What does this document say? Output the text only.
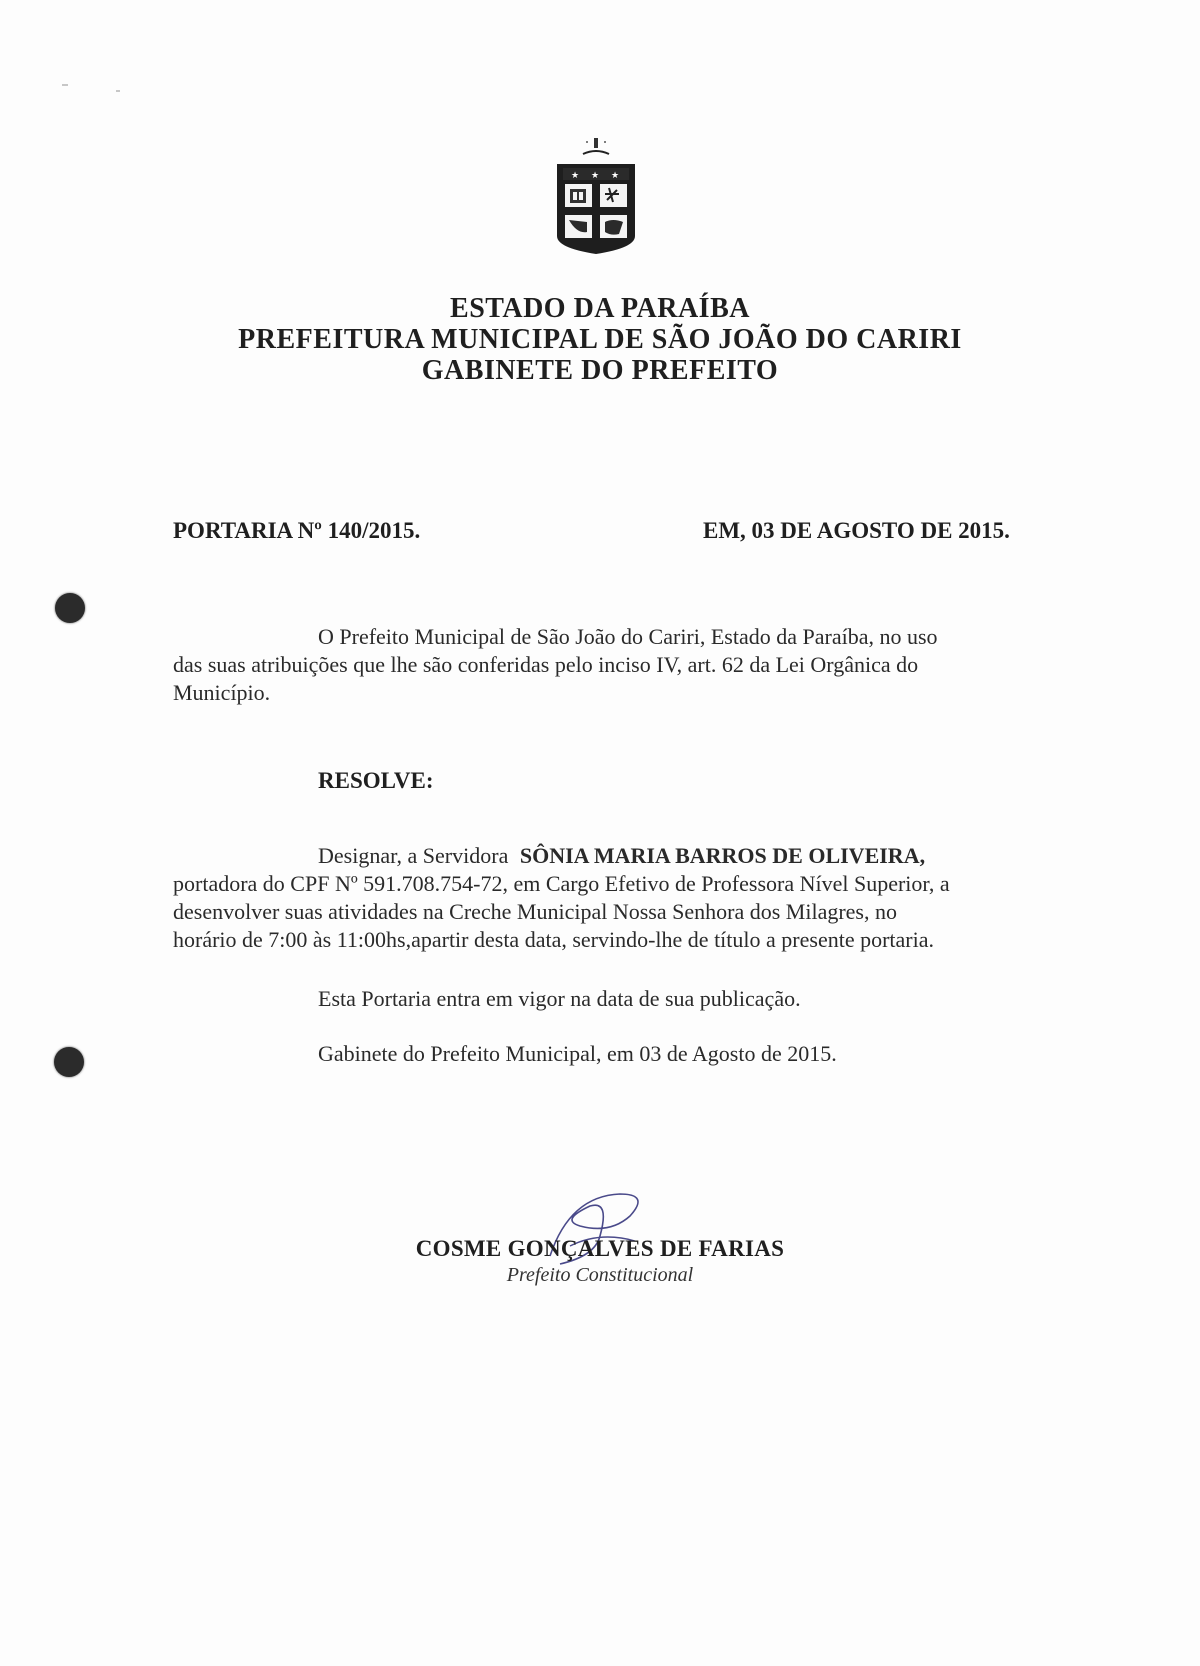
★ ★ ★
ESTADO DA PARAÍBA
PREFEITURA MUNICIPAL DE SÃO JOÃO DO CARIRI
GABINETE DO PREFEITO
PORTARIA Nº 140/2015.	EM, 03 DE AGOSTO DE 2015.
O Prefeito Municipal de São João do Cariri, Estado da Paraíba, no uso
das suas atribuições que lhe são conferidas pelo inciso IV, art. 62 da Lei Orgânica do
Município.
RESOLVE:
Designar, a Servidora SÔNIA MARIA BARROS DE OLIVEIRA,
portadora do CPF Nº 591.708.754-72, em Cargo Efetivo de Professora Nível Superior, a
desenvolver suas atividades na Creche Municipal Nossa Senhora dos Milagres, no
horário de 7:00 às 11:00hs,apartir desta data, servindo-lhe de título a presente portaria.
Esta Portaria entra em vigor na data de sua publicação.
Gabinete do Prefeito Municipal, em 03 de Agosto de 2015.
COSME GONÇALVES DE FARIAS
Prefeito Constitucional
